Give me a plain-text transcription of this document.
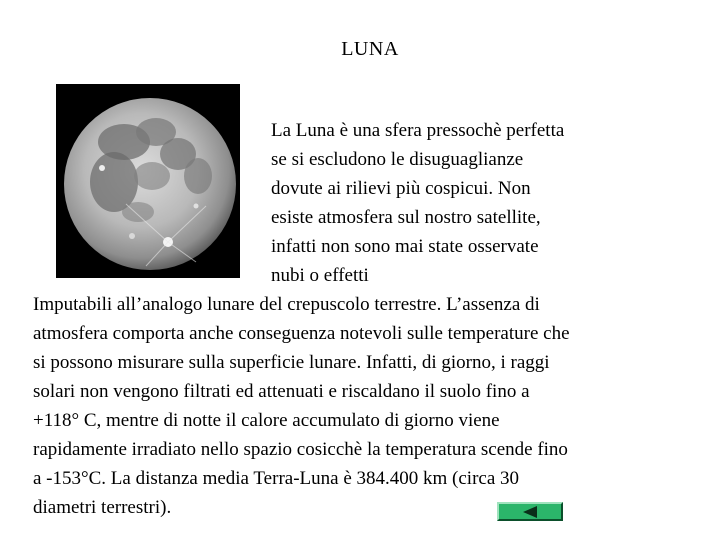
LUNA
La Luna è una sfera pressochè perfetta
se si escludono le disuguaglianze
dovute ai rilievi più cospicui. Non
esiste atmosfera sul nostro satellite,
infatti non sono mai state osservate
nubi o effetti
Imputabili all’analogo lunare del crepuscolo terrestre. L’assenza di
atmosfera comporta anche conseguenza notevoli sulle temperature che
si possono misurare sulla superficie lunare. Infatti, di giorno, i raggi
solari non vengono filtrati ed attenuati e riscaldano il suolo fino a
+118° C, mentre di notte il calore accumulato di giorno viene
rapidamente irradiato nello spazio cosicchè la temperatura scende fino
a -153°C. La distanza media Terra-Luna è 384.400 km (circa 30
diametri terrestri).
